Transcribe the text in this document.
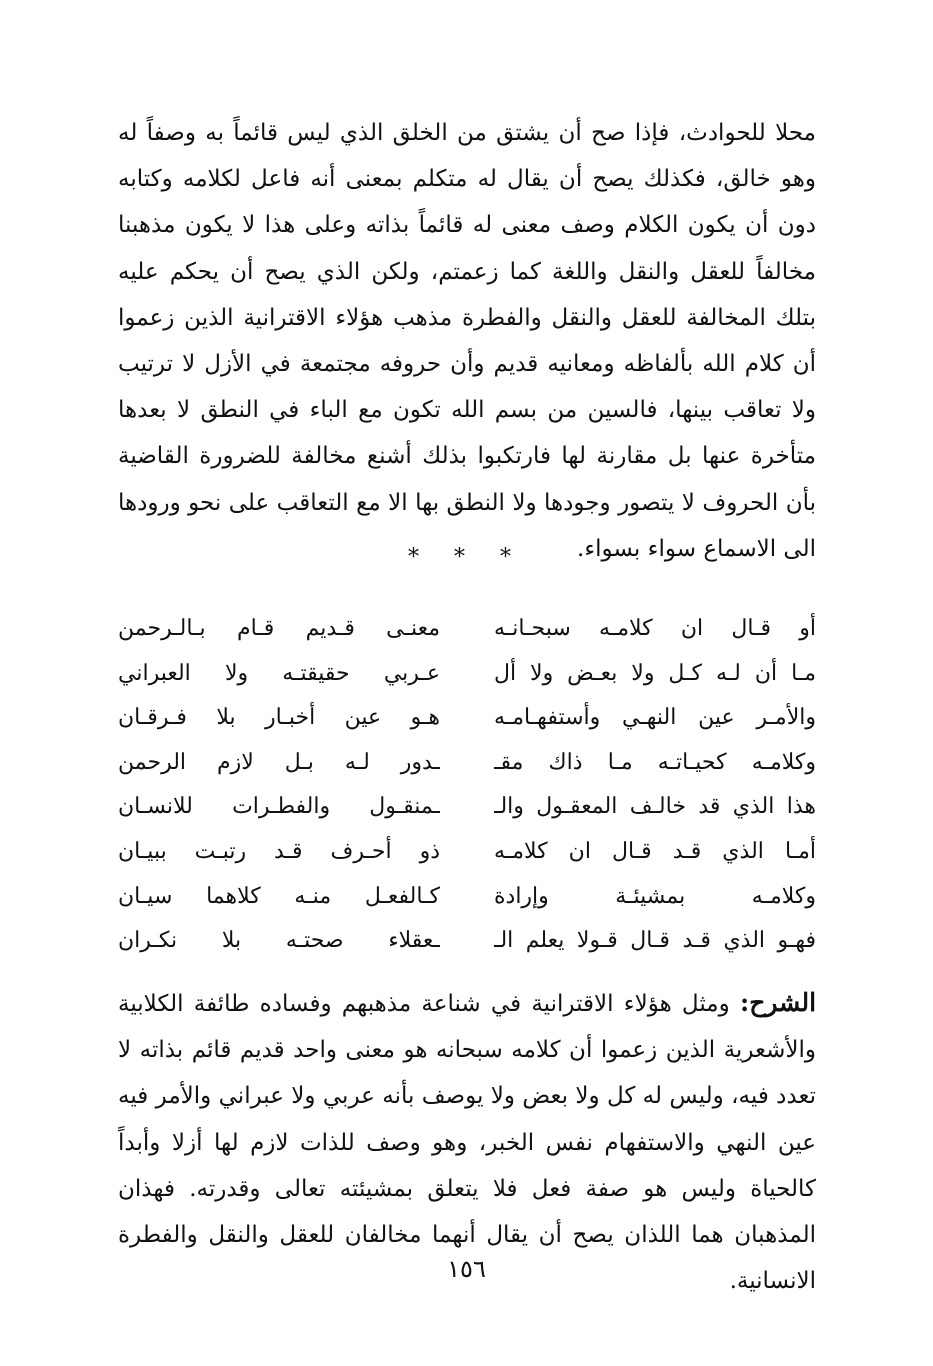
محلا للحوادث، فإذا صح أن يشتق من الخلق الذي ليس قائماً به وصفاً له وهو خالق، فكذلك يصح أن يقال له متكلم بمعنى أنه فاعل لكلامه وكتابه دون أن يكون الكلام وصف معنى له قائماً بذاته وعلى هذا لا يكون مذهبنا مخالفاً للعقل والنقل واللغة كما زعمتم، ولكن الذي يصح أن يحكم عليه بتلك المخالفة للعقل والنقل والفطرة مذهب هؤلاء الاقترانية الذين زعموا أن كلام الله بألفاظه ومعانيه قديم وأن حروفه مجتمعة في الأزل لا ترتيب ولا تعاقب بينها، فالسين من بسم الله تكون مع الباء في النطق لا بعدها متأخرة عنها بل مقارنة لها فارتكبوا بذلك أشنع مخالفة للضرورة القاضية بأن الحروف لا يتصور وجودها ولا النطق بها الا مع التعاقب على نحو ورودها الى الاسماع سواء بسواء.

* * *
أو قـال ان كلامـه سبحـانـه
معنـى قـديم قـام بـالـرحمن
مـا أن لـه كـل ولا بعـض ولا أل
عـربي حقيقتـه ولا العبراني
والأمـر عين النهـي وأستفهـامـه
هـو عين أخبـار بلا فـرقـان
وكلامـه كحيـاتـه مـا ذاك مقـ
ـدور لـه بـل لازم الرحمن
هذا الذي قد خالـف المعقـول والـ
ـمنقـول والفطـرات للانسـان
أمـا الذي قـد قـال ان كلامـه
ذو أحـرف قـد رتبـت ببيـان
وكلامـه بمشيئـة وإرادة
كـالفعـل منـه كلاهما سيـان
فهـو الذي قـد قـال قـولا يعلم الـ
ـعقلاء صحتـه بلا نكـران

الشرح: ومثل هؤلاء الاقترانية في شناعة مذهبهم وفساده طائفة الكلابية والأشعرية الذين زعموا أن كلامه سبحانه هو معنى واحد قديم قائم بذاته لا تعدد فيه، وليس له كل ولا بعض ولا يوصف بأنه عربي ولا عبراني والأمر فيه عين النهي والاستفهام نفس الخبر، وهو وصف للذات لازم لها أزلا وأبداً كالحياة وليس هو صفة فعل فلا يتعلق بمشيئته تعالى وقدرته. فهذان المذهبان هما اللذان يصح أن يقال أنهما مخالفان للعقل والنقل والفطرة الانسانية.

١٥٦
